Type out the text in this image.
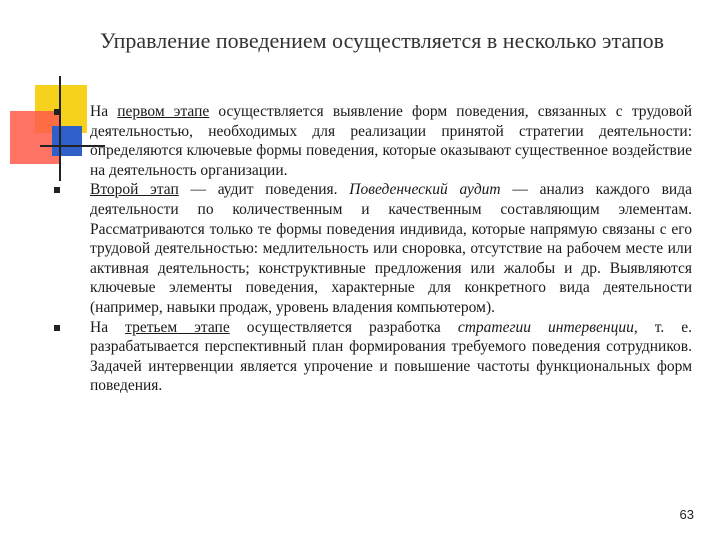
Управление поведением осуществляется в несколько этапов

На первом этапе осуществляется выявление форм поведения, связанных с трудовой деятельностью, необходимых для реализации принятой стратегии деятельности: определяются ключевые формы поведения, которые оказывают существенное воздействие на деятельность организации.

Второй этап — аудит поведения. Поведенческий аудит — анализ каждого вида деятельности по количественным и качественным составляющим элементам. Рассматриваются только те формы поведения индивида, которые напрямую связаны с его трудовой деятельностью: медлительность или сноровка, отсутствие на рабочем месте или активная деятельность; конструктивные предложения или жалобы и др. Выявляются ключевые элементы поведения, характерные для конкретного вида деятельности (например, навыки продаж, уровень владения компьютером).

На третьем этапе осуществляется разработка стратегии интервенции, т. е. разрабатывается перспективный план формирования требуемого поведения сотрудников. Задачей интервенции является упрочение и повышение частоты функциональных форм поведения.

63
